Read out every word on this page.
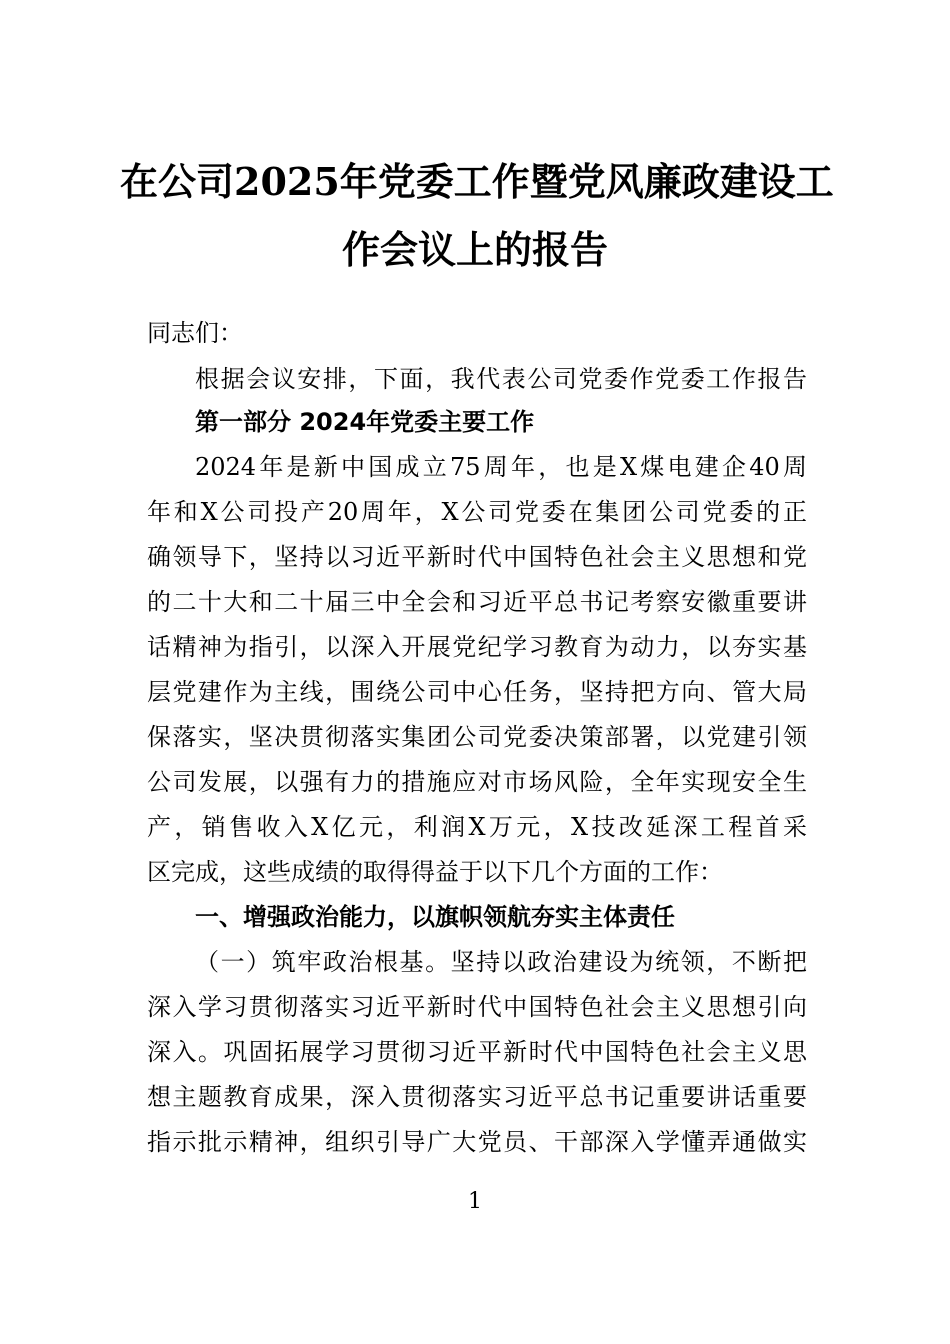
在公司2025年党委工作暨党风廉政建设工
作会议上的报告
同志们：
根据会议安排，下面，我代表公司党委作党委工作报告
第一部分 2024年党委主要工作
2024年是新中国成立75周年，也是X煤电建企40周
年和X公司投产20周年，X公司党委在集团公司党委的正
确领导下，坚持以习近平新时代中国特色社会主义思想和党
的二十大和二十届三中全会和习近平总书记考察安徽重要讲
话精神为指引，以深入开展党纪学习教育为动力，以夯实基
层党建作为主线，围绕公司中心任务，坚持把方向、管大局
保落实，坚决贯彻落实集团公司党委决策部署，以党建引领
公司发展，以强有力的措施应对市场风险，全年实现安全生
产，销售收入X亿元，利润X万元，X技改延深工程首采
区完成，这些成绩的取得得益于以下几个方面的工作：
一、增强政治能力，以旗帜领航夯实主体责任
（一）筑牢政治根基。坚持以政治建设为统领，不断把
深入学习贯彻落实习近平新时代中国特色社会主义思想引向
深入。巩固拓展学习贯彻习近平新时代中国特色社会主义思
想主题教育成果，深入贯彻落实习近平总书记重要讲话重要
指示批示精神，组织引导广大党员、干部深入学懂弄通做实
1
